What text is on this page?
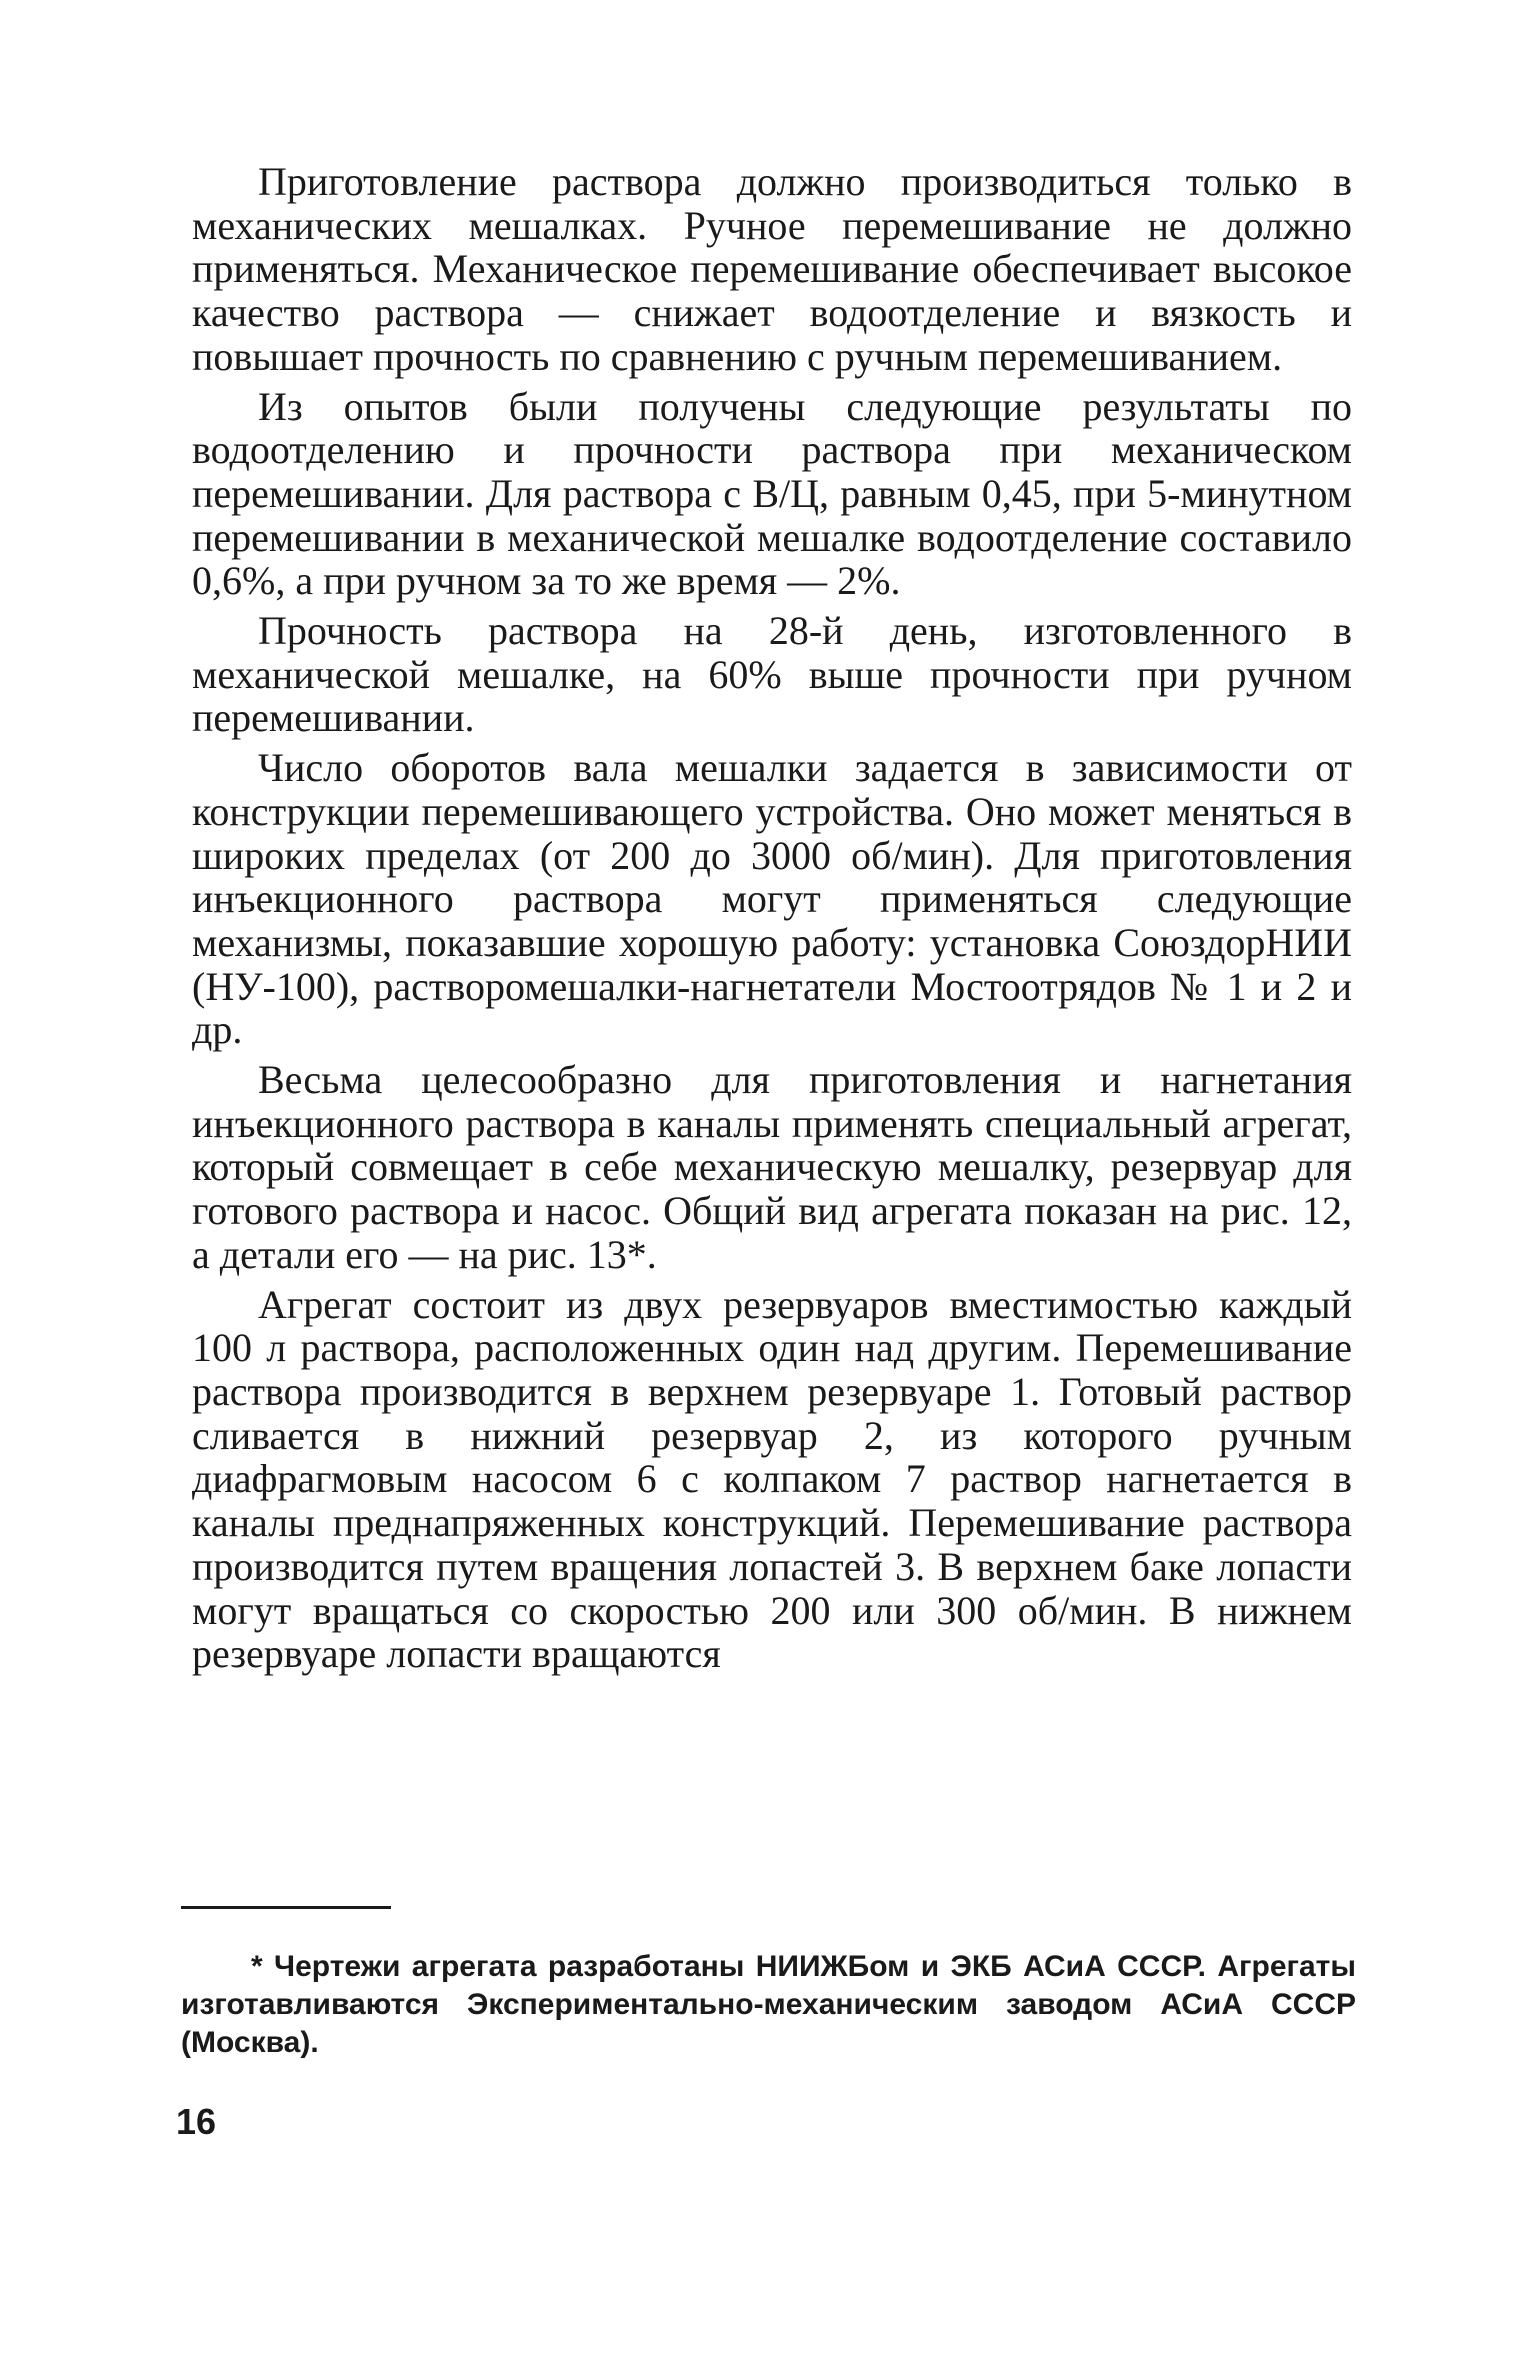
Приготовление раствора должно производиться только в механических мешалках. Ручное перемешивание не должно применяться. Механическое перемешивание обеспечивает высокое качество раствора — снижает водоотделение и вязкость и повышает прочность по сравнению с ручным перемешиванием.

Из опытов были получены следующие результаты по водоотделению и прочности раствора при механическом перемешивании. Для раствора с В/Ц, равным 0,45, при 5-минутном перемешивании в механической мешалке водоотделение составило 0,6%, а при ручном за то же время — 2%.

Прочность раствора на 28-й день, изготовленного в механической мешалке, на 60% выше прочности при ручном перемешивании.

Число оборотов вала мешалки задается в зависимости от конструкции перемешивающего устройства. Оно может меняться в широких пределах (от 200 до 3000 об/мин). Для приготовления инъекционного раствора могут применяться следующие механизмы, показавшие хорошую работу: установка СоюздорНИИ (НУ-100), растворомешалки-нагнетатели Мостоотрядов № 1 и 2 и др.

Весьма целесообразно для приготовления и нагнетания инъекционного раствора в каналы применять специальный агрегат, который совмещает в себе механическую мешалку, резервуар для готового раствора и насос. Общий вид агрегата показан на рис. 12, а детали его — на рис. 13*.

Агрегат состоит из двух резервуаров вместимостью каждый 100 л раствора, расположенных один над другим. Перемешивание раствора производится в верхнем резервуаре 1. Готовый раствор сливается в нижний резервуар 2, из которого ручным диафрагмовым насосом 6 с колпаком 7 раствор нагнетается в каналы преднапряженных конструкций. Перемешивание раствора производится путем вращения лопастей 3. В верхнем баке лопасти могут вращаться со скоростью 200 или 300 об/мин. В нижнем резервуаре лопасти вращаются

* Чертежи агрегата разработаны НИИЖБом и ЭКБ АСиА СССР. Агрегаты изготавливаются Экспериментально-механическим заводом АСиА СССР (Москва).
16
